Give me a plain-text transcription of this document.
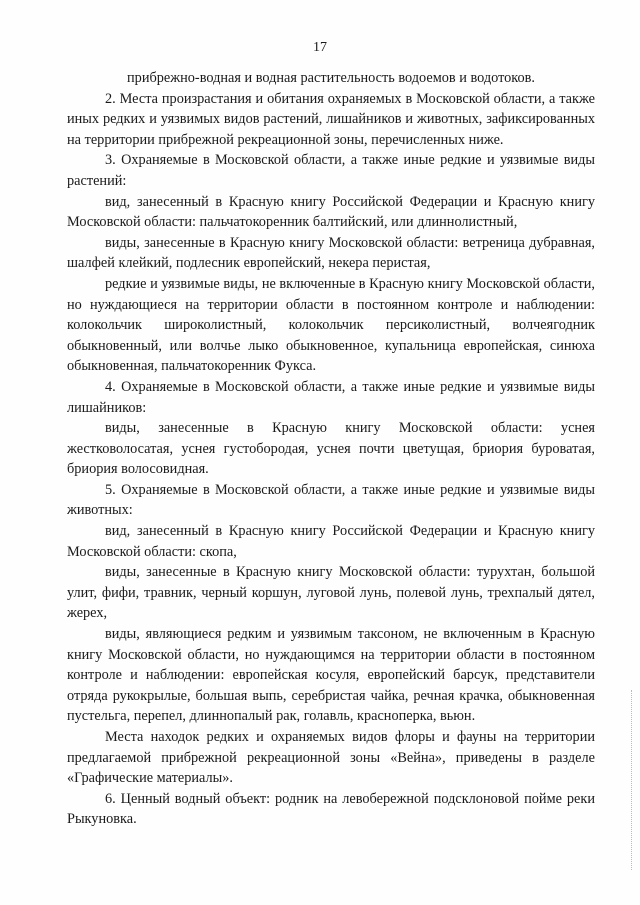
17

прибрежно-водная и водная растительность водоемов и водотоков.

2. Места произрастания и обитания охраняемых в Московской области, а также иных редких и уязвимых видов растений, лишайников и животных, зафиксированных на территории прибрежной рекреационной зоны, перечисленных ниже.

3. Охраняемые в Московской области, а также иные редкие и уязвимые виды растений:

вид, занесенный в Красную книгу Российской Федерации и Красную книгу Московской области: пальчатокоренник балтийский, или длиннолистный,

виды, занесенные в Красную книгу Московской области: ветреница дубравная, шалфей клейкий, подлесник европейский, некера перистая,

редкие и уязвимые виды, не включенные в Красную книгу Московской области, но нуждающиеся на территории области в постоянном контроле и наблюдении: колокольчик широколистный, колокольчик персиколистный, волчеягодник обыкновенный, или волчье лыко обыкновенное, купальница европейская, синюха обыкновенная, пальчатокоренник Фукса.

4. Охраняемые в Московской области, а также иные редкие и уязвимые виды лишайников:

виды, занесенные в Красную книгу Московской области: уснея жестковолосатая, уснея густобородая, уснея почти цветущая, бриория буроватая, бриория волосовидная.

5. Охраняемые в Московской области, а также иные редкие и уязвимые виды животных:

вид, занесенный в Красную книгу Российской Федерации и Красную книгу Московской области: скопа,

виды, занесенные в Красную книгу Московской области: турухтан, большой улит, фифи, травник, черный коршун, луговой лунь, полевой лунь, трехпалый дятел, жерех,

виды, являющиеся редким и уязвимым таксоном, не включенным в Красную книгу Московской области, но нуждающимся на территории области в постоянном контроле и наблюдении: европейская косуля, европейский барсук, представители отряда рукокрылые, большая выпь, серебристая чайка, речная крачка, обыкновенная пустельга, перепел, длиннопалый рак, голавль, красноперка, вьюн.

Места находок редких и охраняемых видов флоры и фауны на территории предлагаемой прибрежной рекреационной зоны «Вейна», приведены в разделе «Графические материалы».

6. Ценный водный объект: родник на левобережной подсклоновой пойме реки Рыкуновка.
